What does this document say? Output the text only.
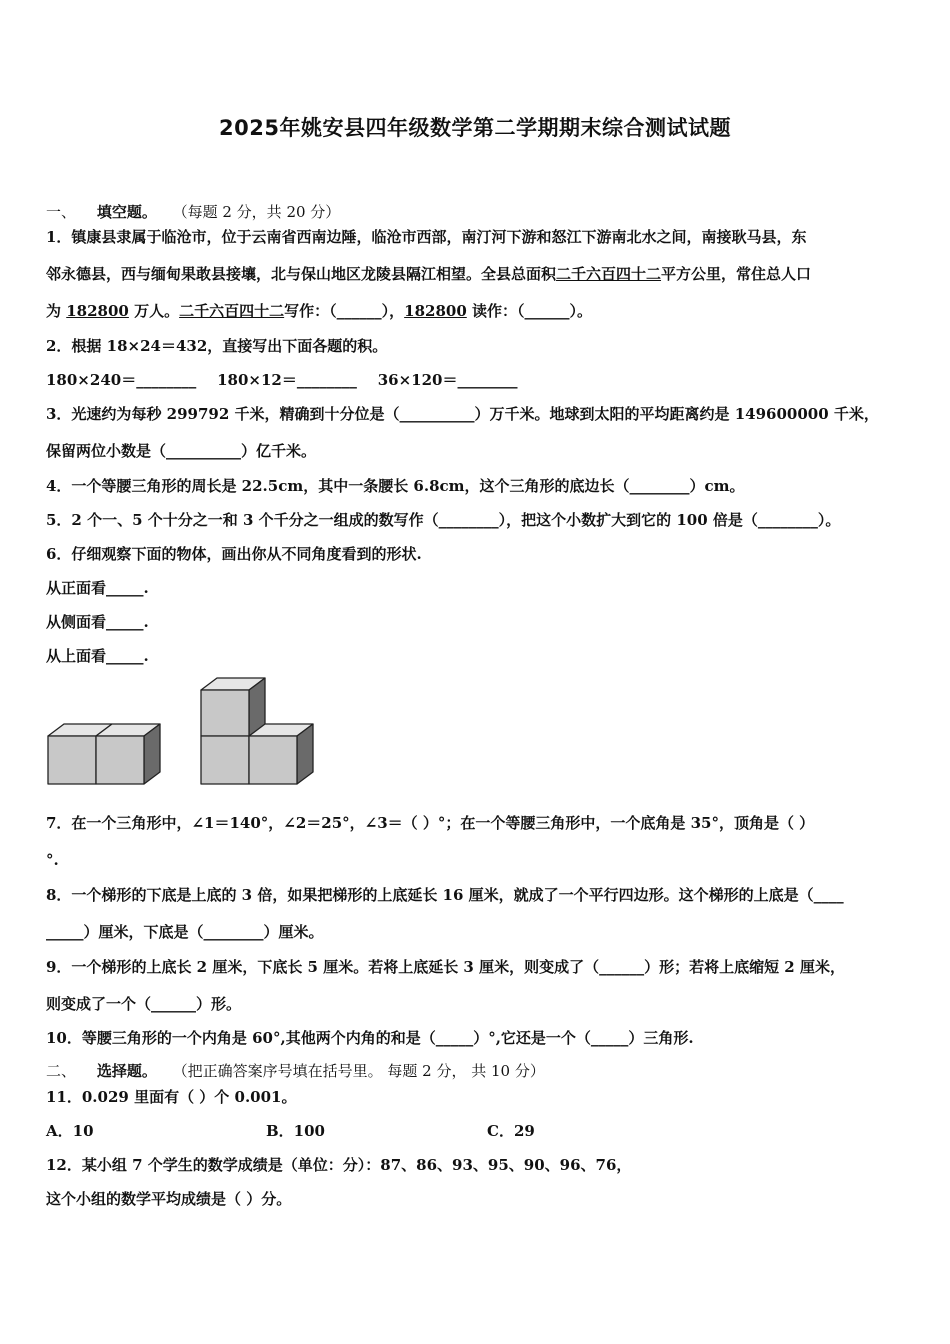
2025年姚安县四年级数学第二学期期末综合测试试题
一、 填空题。 （每题 2 分，共 20 分）
1．镇康县隶属于临沧市，位于云南省西南边陲，临沧市西部，南汀河下游和怒江下游南北水之间，南接耿马县，东
邻永德县，西与缅甸果敢县接壤，北与保山地区龙陵县隔江相望。全县总面积二千六百四十二平方公里，常住总人口
为 182800 万人。二千六百四十二写作：（______），182800 读作：（______）。
2．根据 18×24＝432，直接写出下面各题的积。
180×240＝________    180×12＝________    36×120＝________
3．光速约为每秒 299792 千米，精确到十分位是（__________）万千米。地球到太阳的平均距离约是 149600000 千米，
保留两位小数是（__________）亿千米。
4．一个等腰三角形的周长是 22.5cm，其中一条腰长 6.8cm，这个三角形的底边长（________）cm。
5．2 个一、5 个十分之一和 3 个千分之一组成的数写作（________），把这个小数扩大到它的 100 倍是（________）。
6．仔细观察下面的物体，画出你从不同角度看到的形状.
从正面看_____.
从侧面看_____.
从上面看_____.
7．在一个三角形中，∠1＝140°，∠2＝25°，∠3＝（ ）°；在一个等腰三角形中，一个底角是 35°，顶角是（ ）
°.
8．一个梯形的下底是上底的 3 倍，如果把梯形的上底延长 16 厘米，就成了一个平行四边形。这个梯形的上底是（____
_____）厘米，下底是（________）厘米。
9．一个梯形的上底长 2 厘米，下底长 5 厘米。若将上底延长 3 厘米，则变成了（______）形；若将上底缩短 2 厘米，
则变成了一个（______）形。
10．等腰三角形的一个内角是 60°,其他两个内角的和是（_____）°,它还是一个（_____）三角形.
二、 选择题。 （把正确答案序号填在括号里。 每题 2 分， 共 10 分）
11．0.029 里面有（ ）个 0.001。
A．10	B．100	C．29
12．某小组 7 个学生的数学成绩是（单位：分）：87、86、93、95、90、96、76，
这个小组的数学平均成绩是（ ）分。
